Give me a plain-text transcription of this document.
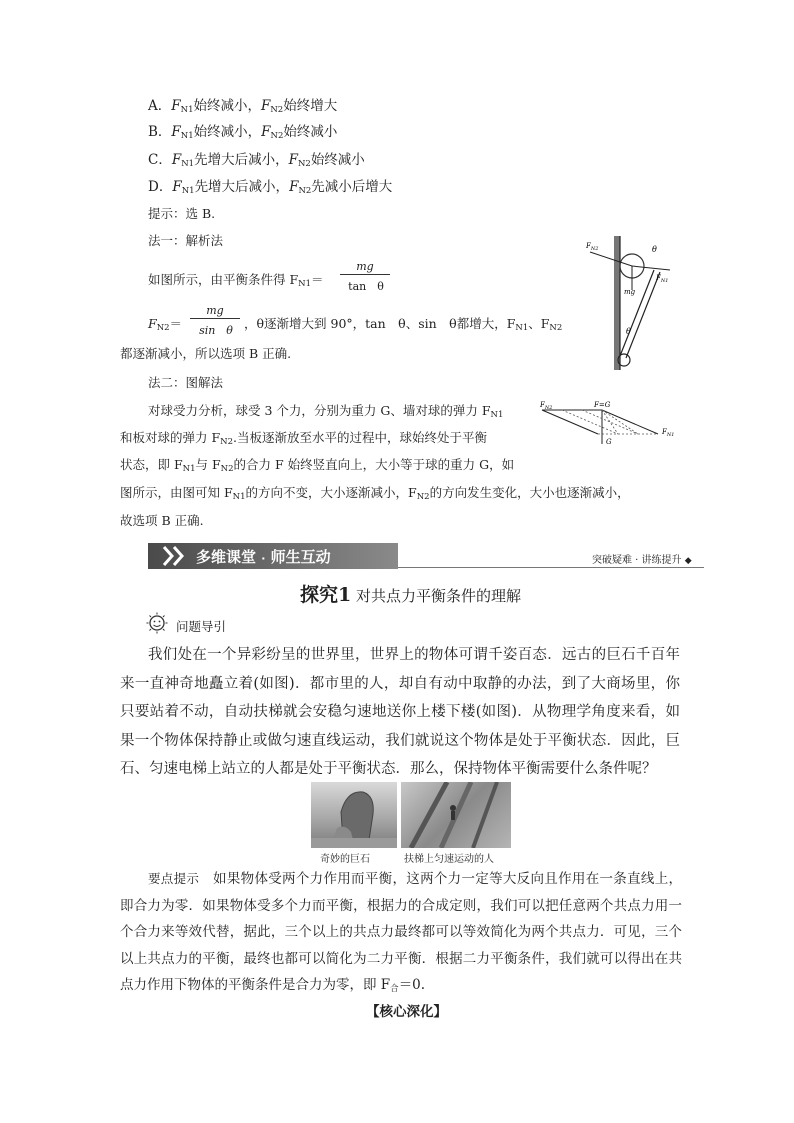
A．$F_{N1}$始终减小，$F_{N2}$始终增大
B．$F_{N1}$始终减小，$F_{N2}$始终减小
C．$F_{N1}$先增大后减小，$F_{N2}$始终减小
D．$F_{N1}$先增大后减小，$F_{N2}$先减小后增大
提示：选 B.
法一：解析法
如图所示，由平衡条件得 $F_{N1}=$
mg
tan　θ
$F_{N2}=$
mg
sin　θ ，θ逐渐增大到 90°，tan　θ、sin　θ都增大，$F_{N1}$、$F_{N2}$
都逐渐减小，所以选项 B 正确.
法二：图解法
对球受力分析，球受 3 个力，分别为重力 G、墙对球的弹力 $F_{N1}$
和板对球的弹力 $F_{N2}$.当板逐渐放至水平的过程中，球始终处于平衡
状态，即 $F_{N1}$与 $F_{N2}$的合力 F 始终竖直向上，大小等于球的重力 G，如
图所示，由图可知 $F_{N1}$的方向不变，大小逐渐减小，$F_{N2}$的方向发生变化，大小也逐渐减小，
故选项 B 正确.
$F_{N2}$	θ
$F_{N1}$
mg
θ
$F_{N2}$	F=G
$F_{N1}$
G
多维课堂 · 师生互动	突破疑难 · 讲练提升 ◆
探究1 对共点力平衡条件的理解
问题导引
我们处在一个异彩纷呈的世界里，世界上的物体可谓千姿百态．远古的巨石千百年来一直神奇地矗立着(如图)．都市里的人，却自有动中取静的办法，到了大商场里，你只要站着不动，自动扶梯就会安稳匀速地送你上楼下楼(如图)．从物理学角度来看，如果一个物体保持静止或做匀速直线运动，我们就说这个物体是处于平衡状态．因此，巨石、匀速电梯上站立的人都是处于平衡状态．那么，保持物体平衡需要什么条件呢？
奇妙的巨石	扶梯上匀速运动的人
要点提示　 如果物体受两个力作用而平衡，这两个力一定等大反向且作用在一条直线上，即合力为零．如果物体受多个力而平衡，根据力的合成定则，我们可以把任意两个共点力用一个合力来等效代替，据此，三个以上的共点力最终都可以等效简化为两个共点力．可见，三个以上共点力的平衡，最终也都可以简化为二力平衡．根据二力平衡条件，我们就可以得出在共点力作用下物体的平衡条件是合力为零，即 $F_合=0$.
【核心深化】
